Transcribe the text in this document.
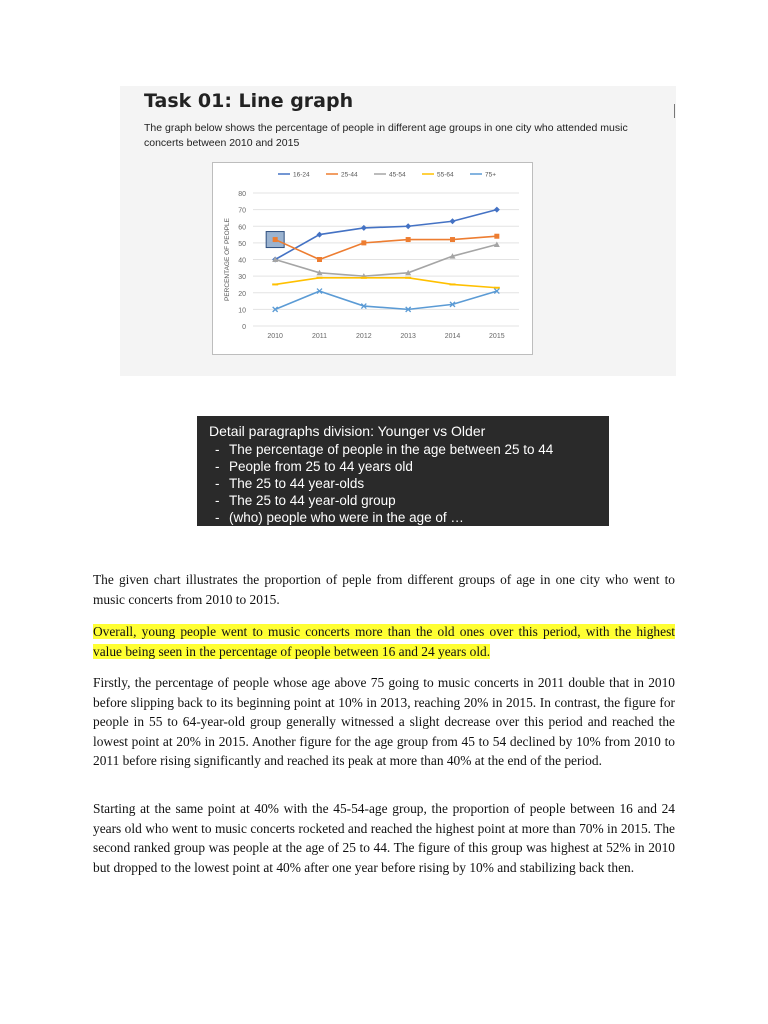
Task 01: Line graph

The graph below shows the percentage of people in different age groups in one city who attended music concerts between 2010 and 2015

0
10
20
30
40
50
60
70
80
2010	2011	2012	2013	2014	2015
PERCENTAGE OF PEOPLE
16-24	25-44	45-54	55-64	75+
Detail paragraphs division: Younger vs Older
- The percentage of people in the age between 25 to 44
- People from 25 to 44 years old
- The 25 to 44 year-olds
- The 25 to 44 year-old group
- (who) people who were in the age of …

The given chart illustrates the proportion of peple from different groups of age in one city who went to music concerts from 2010 to 2015.

Overall, young people went to music concerts more than the old ones over this period, with the highest value being seen in the percentage of people between 16 and 24 years old.

Firstly, the percentage of people whose age above 75 going to music concerts in 2011 double that in 2010 before slipping back to its beginning point at 10% in 2013, reaching 20% in 2015. In contrast, the figure for people in 55 to 64-year-old group generally witnessed a slight decrease over this period and reached the lowest point at 20% in 2015. Another figure for the age group from 45 to 54 declined by 10% from 2010 to 2011 before rising significantly and reached its peak at more than 40% at the end of the period.

Starting at the same point at 40% with the 45-54-age group, the proportion of people between 16 and 24 years old who went to music concerts rocketed and reached the highest point at more than 70% in 2015. The second ranked group was people at the age of 25 to 44. The figure of this group was highest at 52% in 2010 but dropped to the lowest point at 40% after one year before rising by 10% and stabilizing back then.
